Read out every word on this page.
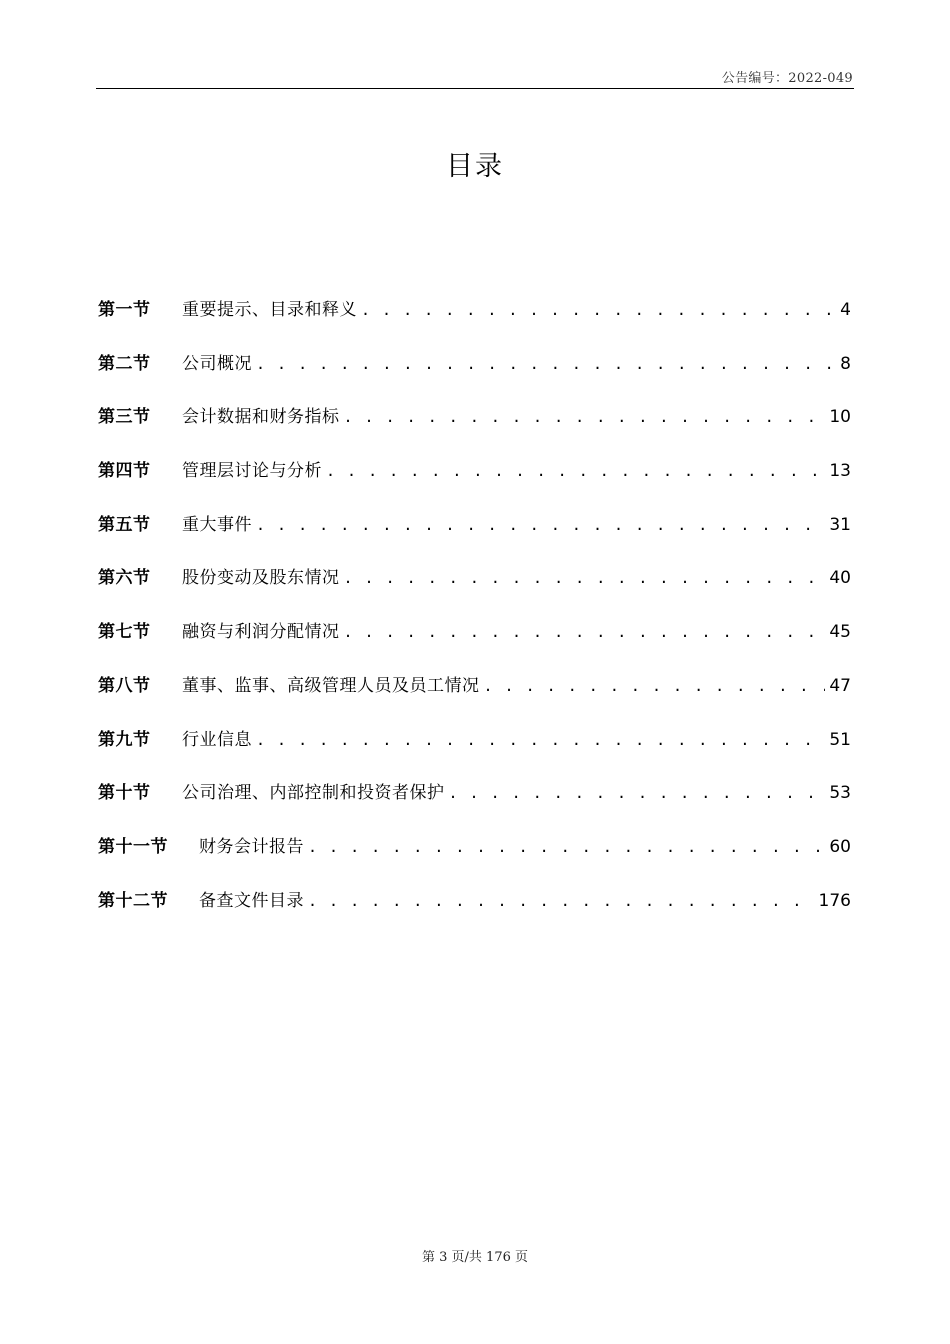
公告编号：2022-049
目录
第一节	重要提示、目录和释义 . . .	4
第二节	公司概况 . . .	8
第三节	会计数据和财务指标 . . .	10
第四节	管理层讨论与分析 . . .	13
第五节	重大事件 . . .	31
第六节	股份变动及股东情况 . . .	40
第七节	融资与利润分配情况 . . .	45
第八节	董事、监事、高级管理人员及员工情况 . . .	47
第九节	行业信息 . . .	51
第十节	公司治理、内部控制和投资者保护 . . .	53
第十一节	财务会计报告 . . .	60
第十二节	备查文件目录 . . .	176
第 3 页/共 176 页
